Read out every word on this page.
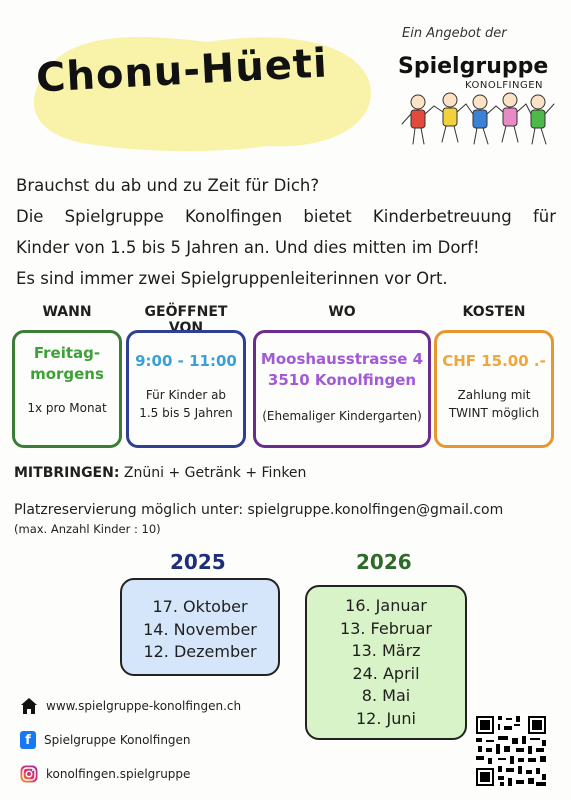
Chonu-Hüeti
Ein Angebot der
Spielgruppe
KONOLFINGEN
Brauchst du ab und zu Zeit für Dich?
Die Spielgruppe Konolfingen bietet Kinderbetreuung für
Kinder von 1.5 bis 5 Jahren an. Und dies mitten im Dorf!
Es sind immer zwei Spielgruppenleiterinnen vor Ort.
WANN	GEÖFFNET VON
WO	KOSTEN
Freitag-
morgens
1x pro Monat
9:00 - 11:00
Für Kinder ab
1.5 bis 5 Jahren
Mooshausstrasse 4
3510 Konolfingen
(Ehemaliger Kindergarten)
CHF 15.00 .-
Zahlung mit
TWINT möglich
MITBRINGEN: Znüni + Getränk + Finken
Platzreservierung möglich unter: spielgruppe.konolfingen@gmail.com
(max. Anzahl Kinder : 10)
2025	2026
17. Oktober
14. November
12. Dezember
16. Januar
13. Februar
13. März
24. April
8. Mai
12. Juni
www.spielgruppe-konolfingen.ch
f	Spielgruppe Konolfingen
konolfingen.spielgruppe
